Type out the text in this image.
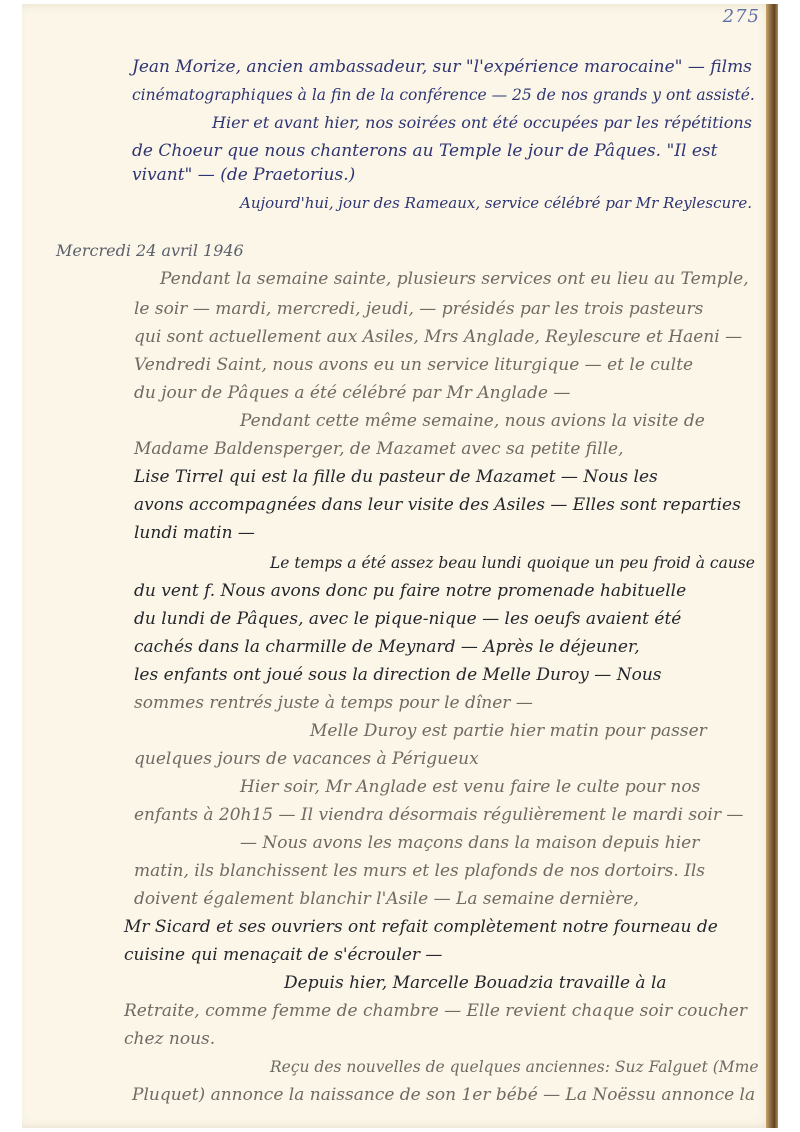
275
Jean Morize, ancien ambassadeur, sur "l'expérience marocaine" — films
cinématographiques à la fin de la conférence — 25 de nos grands y ont assisté.
Hier et avant hier, nos soirées ont été occupées par les répétitions
de Choeur que nous chanterons au Temple le jour de Pâques. "Il est
vivant" — (de Praetorius.)
Aujourd'hui, jour des Rameaux, service célébré par Mr Reylescure.
Mercredi 24 avril 1946
Pendant la semaine sainte, plusieurs services ont eu lieu au Temple,
le soir — mardi, mercredi, jeudi, — présidés par les trois pasteurs
qui sont actuellement aux Asiles, Mrs Anglade, Reylescure et Haeni —
Vendredi Saint, nous avons eu un service liturgique — et le culte
du jour de Pâques a été célébré par Mr Anglade —
Pendant cette même semaine, nous avions la visite de
Madame Baldensperger, de Mazamet avec sa petite fille,
Lise Tirrel qui est la fille du pasteur de Mazamet — Nous les
avons accompagnées dans leur visite des Asiles — Elles sont reparties
lundi matin —
Le temps a été assez beau lundi quoique un peu froid à cause
du vent f. Nous avons donc pu faire notre promenade habituelle
du lundi de Pâques, avec le pique-nique — les oeufs avaient été
cachés dans la charmille de Meynard — Après le déjeuner,
les enfants ont joué sous la direction de Melle Duroy — Nous
sommes rentrés juste à temps pour le dîner —
Melle Duroy est partie hier matin pour passer
quelques jours de vacances à Périgueux
Hier soir, Mr Anglade est venu faire le culte pour nos
enfants à 20h15 — Il viendra désormais régulièrement le mardi soir —
— Nous avons les maçons dans la maison depuis hier
matin, ils blanchissent les murs et les plafonds de nos dortoirs. Ils
doivent également blanchir l'Asile — La semaine dernière,
Mr Sicard et ses ouvriers ont refait complètement notre fourneau de
cuisine qui menaçait de s'écrouler —
Depuis hier, Marcelle Bouadzia travaille à la
Retraite, comme femme de chambre — Elle revient chaque soir coucher
chez nous.
Reçu des nouvelles de quelques anciennes: Suz Falguet (Mme
Pluquet) annonce la naissance de son 1er bébé — La Noëssu annonce la
